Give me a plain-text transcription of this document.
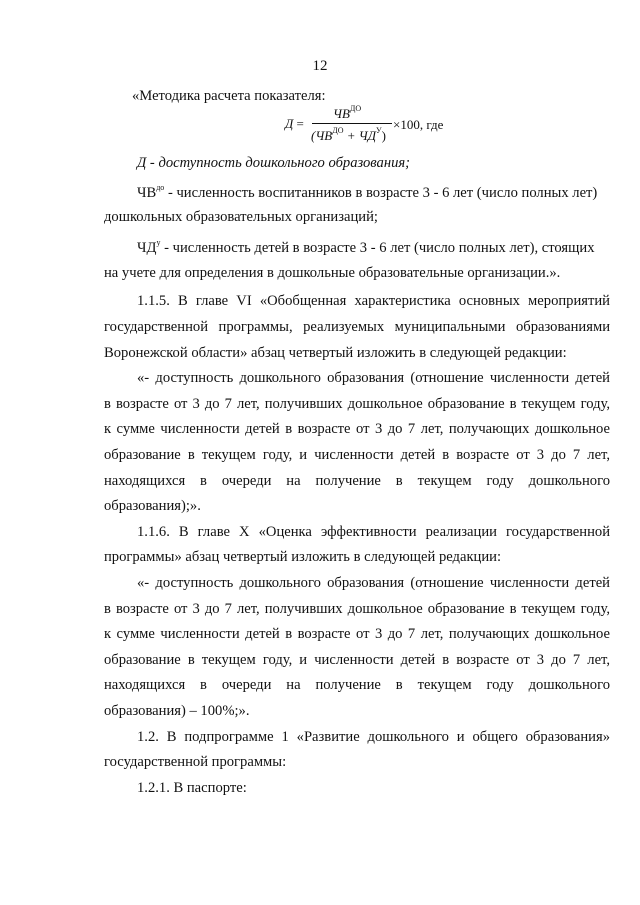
12
«Методика расчета показателя:
Д =
$ЧВ^{ДО}$
$(ЧВ^{ДО} + ЧД^У)$
×100, где
Д - доступность дошкольного образования;
$ЧВ^{до}$ - численность воспитанников в возрасте 3 - 6 лет (число полных лет)
дошкольных образовательных организаций;
$ЧД^у$ - численность детей в возрасте 3 - 6 лет (число полных лет), стоящих
на учете для определения в дошкольные образовательные организации.».
1.1.5. В главе VI «Обобщенная характеристика основных мероприятий
государственной программы, реализуемых муниципальными образованиями
Воронежской области» абзац четвертый изложить в следующей редакции:
«- доступность дошкольного образования (отношение численности детей
в возрасте от 3 до 7 лет, получивших дошкольное образование в текущем году,
к сумме численности детей в возрасте от 3 до 7 лет, получающих дошкольное
образование в текущем году, и численности детей в возрасте от 3 до 7 лет,
находящихся в очереди на получение в текущем году дошкольного
образования);».
1.1.6. В главе X «Оценка эффективности реализации государственной
программы» абзац четвертый изложить в следующей редакции:
«- доступность дошкольного образования (отношение численности детей
в возрасте от 3 до 7 лет, получивших дошкольное образование в текущем году,
к сумме численности детей в возрасте от 3 до 7 лет, получающих дошкольное
образование в текущем году, и численности детей в возрасте от 3 до 7 лет,
находящихся в очереди на получение в текущем году дошкольного
образования) – 100%;».
1.2. В подпрограмме 1 «Развитие дошкольного и общего образования»
государственной программы:
1.2.1. В паспорте:
